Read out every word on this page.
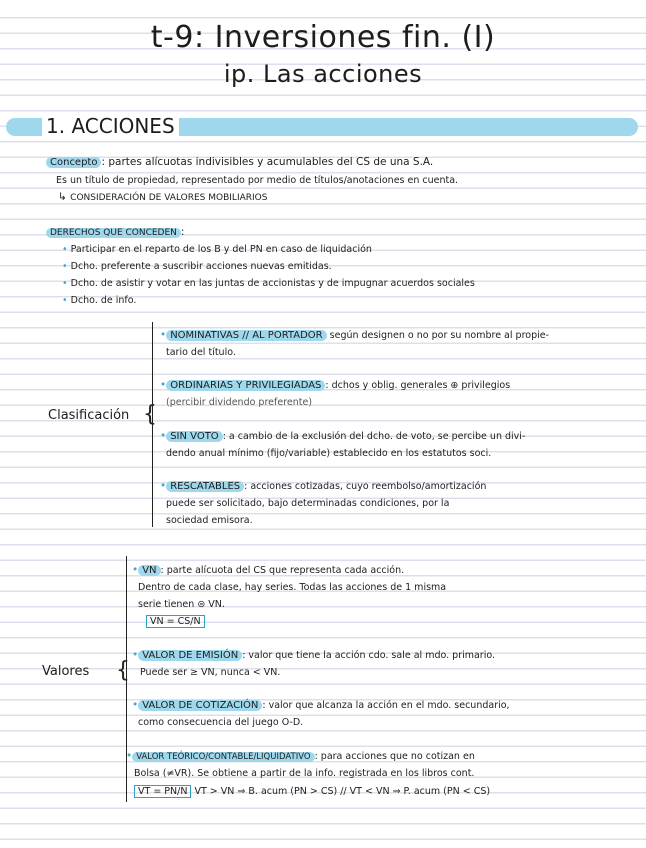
t-9: Inversiones fin. (I)
ip. Las acciones
1. ACCIONES
Concepto : partes alícuotas indivisibles y acumulables del CS de una S.A.
Es un título de propiedad, representado por medio de títulos/anotaciones en cuenta.
↳ CONSIDERACIÓN DE VALORES MOBILIARIOS
DERECHOS QUE CONCEDEN :
• Participar en el reparto de los B y del PN en caso de liquidación
• Dcho. preferente a suscribir acciones nuevas emitidas.
• Dcho. de asistir y votar en las juntas de accionistas y de impugnar acuerdos sociales
• Dcho. de info.
Clasificación {
• NOMINATIVAS // AL PORTADOR según designen o no por su nombre al propie-
tario del título.
• ORDINARIAS Y PRIVILEGIADAS : dchos y oblig. generales ⊕ privilegios
(percibir dividendo preferente)
• SIN VOTO : a cambio de la exclusión del dcho. de voto, se percibe un divi-
dendo anual mínimo (fijo/variable) establecido en los estatutos soci.
• RESCATABLES : acciones cotizadas, cuyo reembolso/amortización
puede ser solicitado, bajo determinadas condiciones, por la
sociedad emisora.
Valores {
• VN : parte alícuota del CS que representa cada acción.
Dentro de cada clase, hay series. Todas las acciones de 1 misma
serie tienen ⊜ VN.
VN = CS/N
• VALOR DE EMISIÓN : valor que tiene la acción cdo. sale al mdo. primario.
Puede ser ≥ VN, nunca < VN.
• VALOR DE COTIZACIÓN : valor que alcanza la acción en el mdo. secundario,
como consecuencia del juego O-D.
• VALOR TEÓRICO/CONTABLE/LIQUIDATIVO : para acciones que no cotizan en
Bolsa (≠VR). Se obtiene a partir de la info. registrada en los libros cont.
VT = PN/N VT > VN ⇒ B. acum (PN > CS) // VT < VN ⇒ P. acum (PN < CS)
